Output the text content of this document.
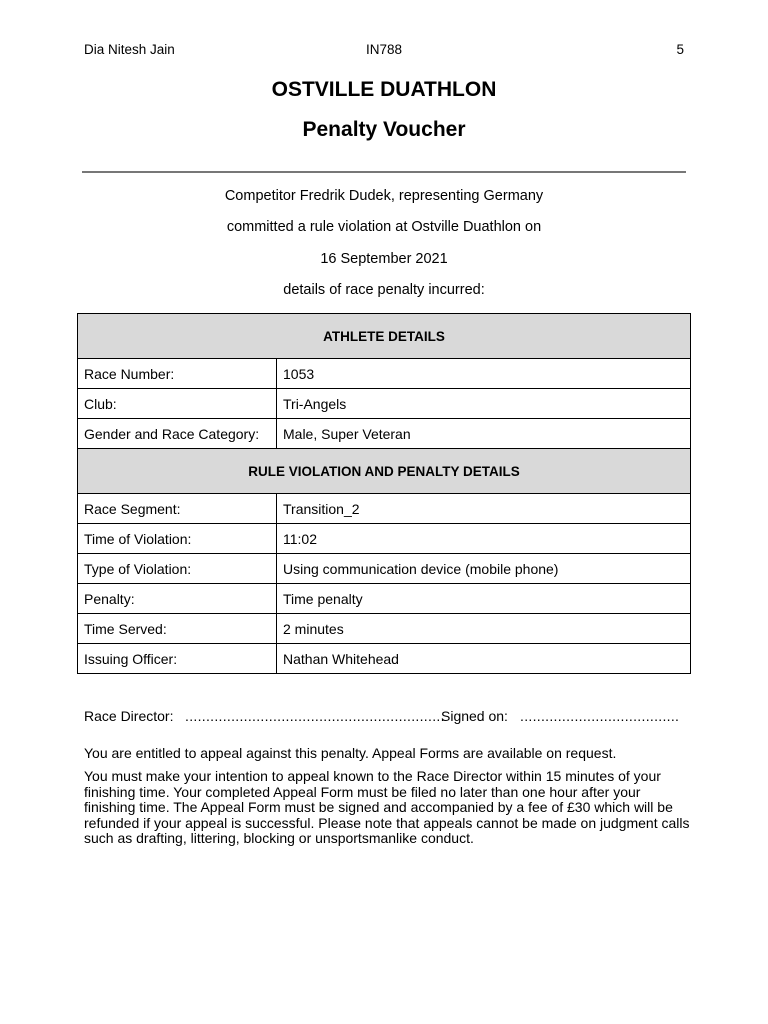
Dia Nitesh Jain	IN788	5
OSTVILLE DUATHLON
Penalty Voucher
Competitor Fredrik Dudek, representing Germany
committed a rule violation at Ostville Duathlon on
16 September 2021
details of race penalty incurred:
ATHLETE DETAILS	
Race Number:	1053
Club:	Tri-Angels
Gender and Race Category:	Male, Super Veteran
RULE VIOLATION AND PENALTY DETAILS	
Race Segment:	Transition_2
Time of Violation:	11:02
Type of Violation:	Using communication device (mobile phone)
Penalty:	Time penalty
Time Served:	2 minutes
Issuing Officer:	Nathan Whitehead
Race Director: ..............................................................
Signed on: ......................................
You are entitled to appeal against this penalty. Appeal Forms are available on request.
You must make your intention to appeal known to the Race Director within 15 minutes of your finishing time. Your completed Appeal Form must be filed no later than one hour after your finishing time. The Appeal Form must be signed and accompanied by a fee of £30 which will be refunded if your appeal is successful. Please note that appeals cannot be made on judgment calls such as drafting, littering, blocking or unsportsmanlike conduct.
